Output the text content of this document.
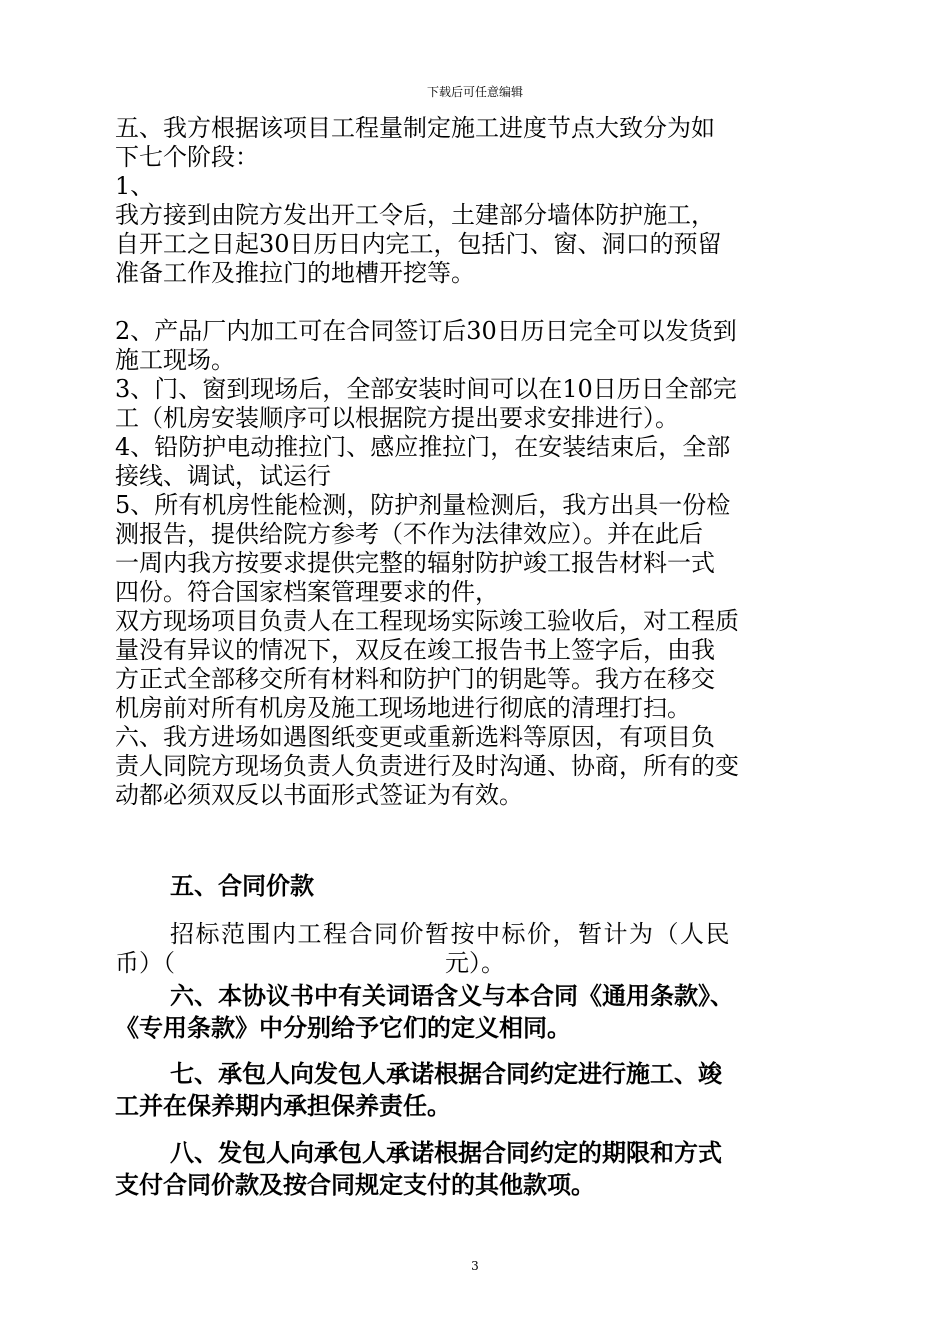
下载后可任意编辑
五、我方根据该项目工程量制定施工进度节点大致分为如
下七个阶段：
1、
我方接到由院方发出开工令后，土建部分墙体防护施工，
自开工之日起30日历日内完工，包括门、窗、洞口的预留
准备工作及推拉门的地槽开挖等。
2、产品厂内加工可在合同签订后30日历日完全可以发货到
施工现场。
3、门、窗到现场后，全部安装时间可以在10日历日全部完
工（机房安装顺序可以根据院方提出要求安排进行）。
4、铅防护电动推拉门、感应推拉门，在安装结束后，全部
接线、调试，试运行
5、所有机房性能检测，防护剂量检测后，我方出具一份检
测报告，提供给院方参考（不作为法律效应）。并在此后
一周内我方按要求提供完整的辐射防护竣工报告材料一式
四份。符合国家档案管理要求的件，
双方现场项目负责人在工程现场实际竣工验收后，对工程质
量没有异议的情况下，双反在竣工报告书上签字后，由我
方正式全部移交所有材料和防护门的钥匙等。我方在移交
机房前对所有机房及施工现场地进行彻底的清理打扫。
六、我方进场如遇图纸变更或重新选料等原因，有项目负
责人同院方现场负责人负责进行及时沟通、协商，所有的变
动都必须双反以书面形式签证为有效。
五、合同价款
招标范围内工程合同价暂按中标价，暂计为（人民
币）（	元）。
六、本协议书中有关词语含义与本合同《通用条款》、
《专用条款》中分别给予它们的定义相同。
七、承包人向发包人承诺根据合同约定进行施工、竣
工并在保养期内承担保养责任。
八、发包人向承包人承诺根据合同约定的期限和方式
支付合同价款及按合同规定支付的其他款项。
3
